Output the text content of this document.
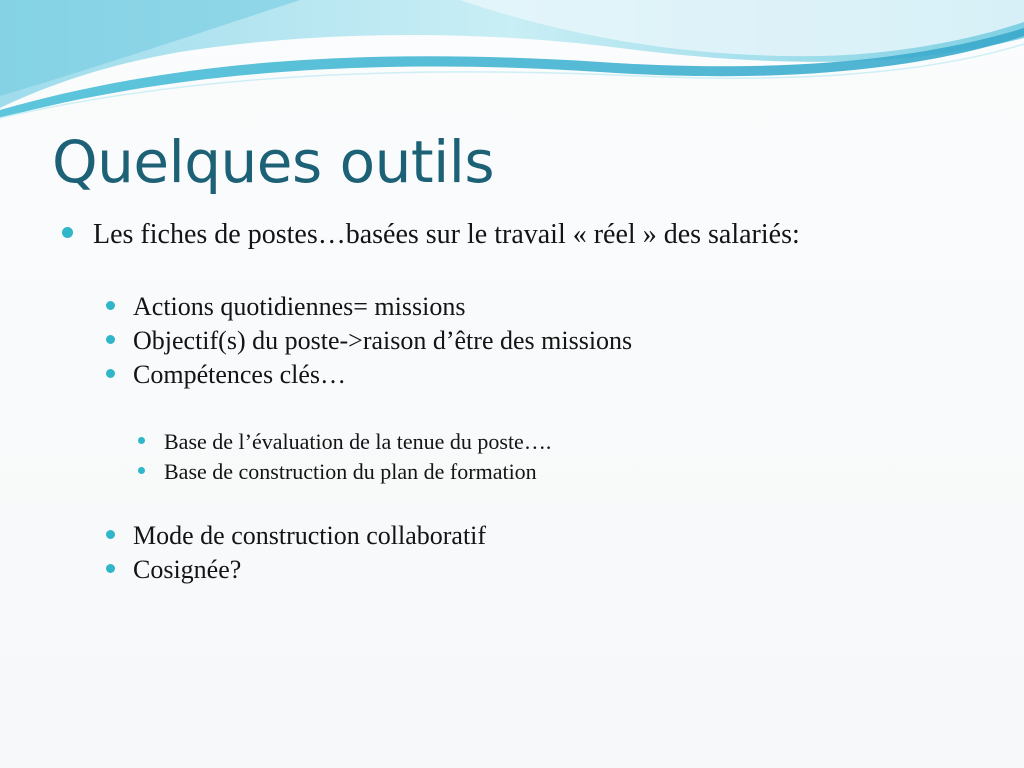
Quelques outils
Les fiches de postes…basées sur le travail « réel » des salariés:
Actions quotidiennes= missions
Objectif(s) du poste->raison d’être des missions
Compétences clés…
Base de l’évaluation de la tenue du poste….
Base de construction du plan de formation
Mode de construction collaboratif
Cosignée?
